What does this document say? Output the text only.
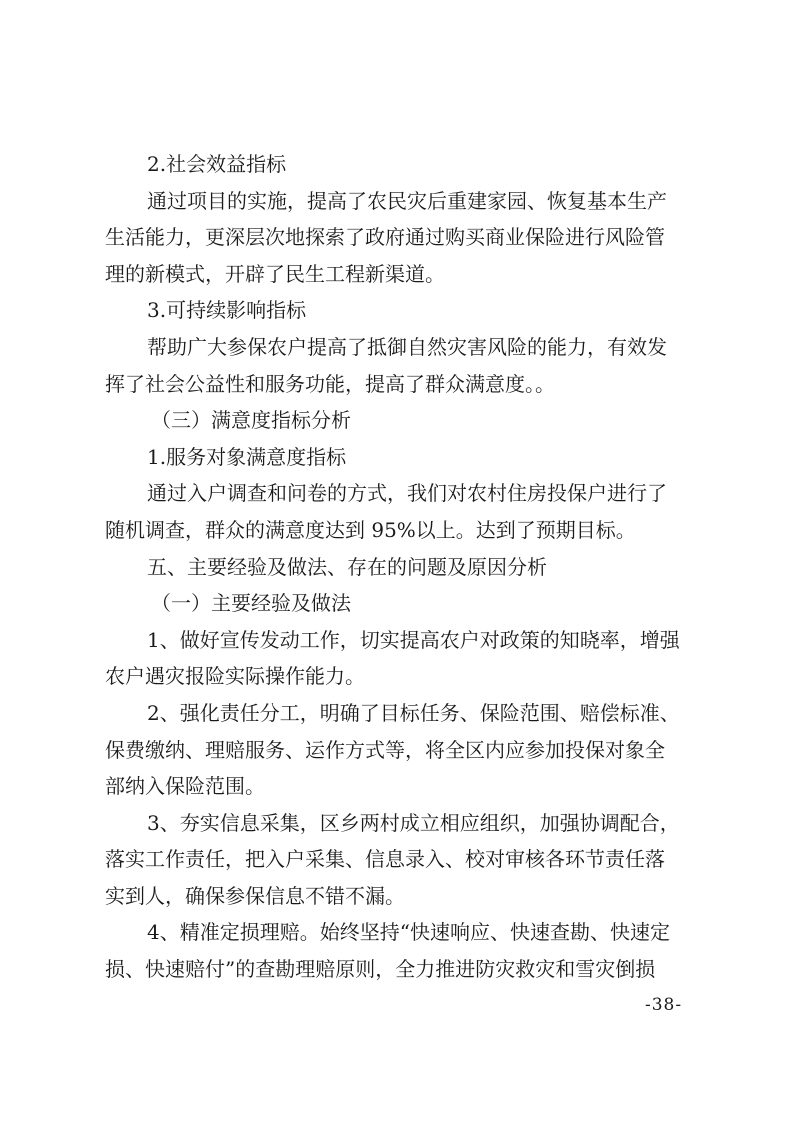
2.社会效益指标
通过项目的实施，提高了农民灾后重建家园、恢复基本生产
生活能力，更深层次地探索了政府通过购买商业保险进行风险管
理的新模式，开辟了民生工程新渠道。
3.可持续影响指标
帮助广大参保农户提高了抵御自然灾害风险的能力，有效发
挥了社会公益性和服务功能，提高了群众满意度。。
（三）满意度指标分析
1.服务对象满意度指标
通过入户调查和问卷的方式，我们对农村住房投保户进行了
随机调查，群众的满意度达到 95%以上。达到了预期目标。
五、主要经验及做法、存在的问题及原因分析
（一）主要经验及做法
1、做好宣传发动工作，切实提高农户对政策的知晓率，增强
农户遇灾报险实际操作能力。
2、强化责任分工，明确了目标任务、保险范围、赔偿标准、
保费缴纳、理赔服务、运作方式等，将全区内应参加投保对象全
部纳入保险范围。
3、夯实信息采集，区乡两村成立相应组织，加强协调配合，
落实工作责任，把入户采集、信息录入、校对审核各环节责任落
实到人，确保参保信息不错不漏。
4、精准定损理赔。始终坚持“快速响应、快速查勘、快速定
损、快速赔付”的查勘理赔原则，全力推进防灾救灾和雪灾倒损
-38-
